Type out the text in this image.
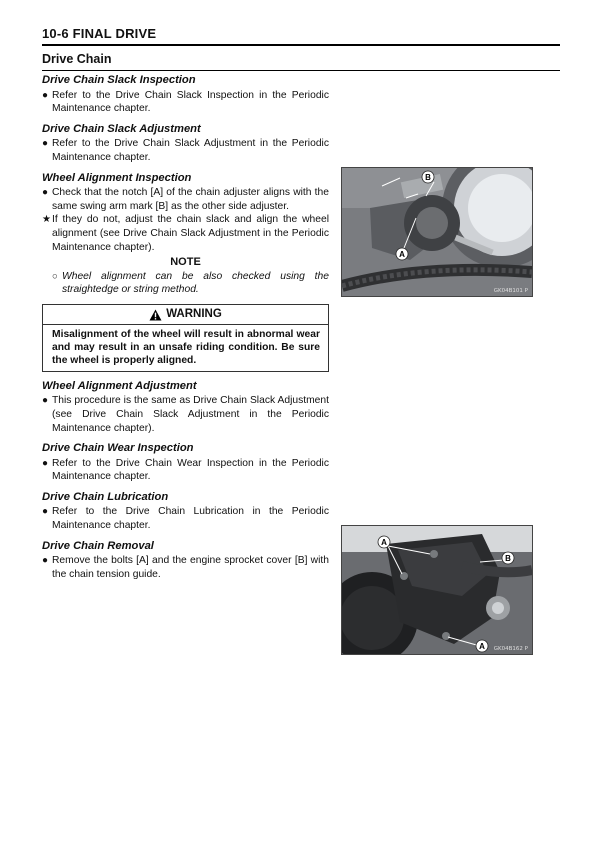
10-6 FINAL DRIVE
Drive Chain
Drive Chain Slack Inspection
● Refer to the Drive Chain Slack Inspection in the Periodic Maintenance chapter.
Drive Chain Slack Adjustment
● Refer to the Drive Chain Slack Adjustment in the Periodic Maintenance chapter.
Wheel Alignment Inspection
● Check that the notch [A] of the chain adjuster aligns with the same swing arm mark [B] as the other side adjuster.
★ If they do not, adjust the chain slack and align the wheel alignment (see Drive Chain Slack Adjustment in the Periodic Maintenance chapter).
NOTE
○ Wheel alignment can be also checked using the straightedge or string method.
WARNING
Misalignment of the wheel will result in abnormal wear and may result in an unsafe riding condition. Be sure the wheel is properly aligned.
Wheel Alignment Adjustment
● This procedure is the same as Drive Chain Slack Adjustment (see Drive Chain Slack Adjustment in the Periodic Maintenance chapter).
Drive Chain Wear Inspection
● Refer to the Drive Chain Wear Inspection in the Periodic Maintenance chapter.
Drive Chain Lubrication
● Refer to the Drive Chain Lubrication in the Periodic Maintenance chapter.
Drive Chain Removal
● Remove the bolts [A] and the engine sprocket cover [B] with the chain tension guide.
B
A
GK04B101 P
A
B
A GK04B162 P
